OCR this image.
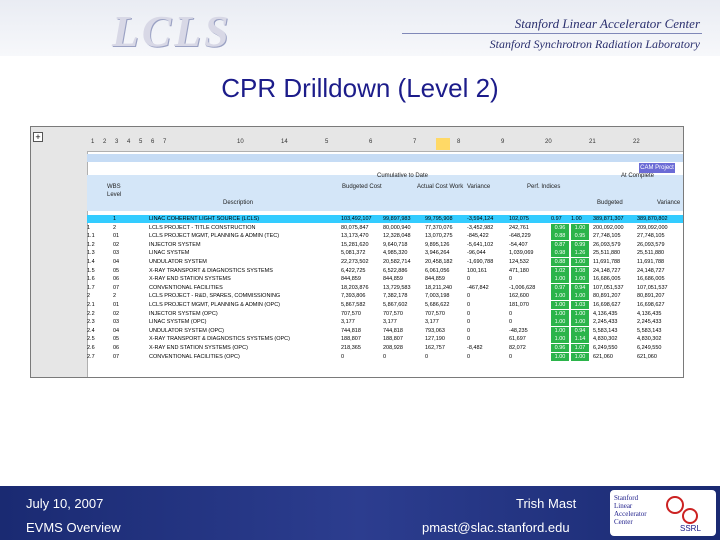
LCLS	Stanford Linear Accelerator Center
Stanford Synchrotron Radiation Laboratory
CPR Drilldown (Level 2)
+	1 2 3 4 5 6 7	10	14	5	6	7	8	9	20	21	22
WBS
Level
Description
Budgeted Cost
Cumulative to Date
Actual Cost Work Variance	Perf. Indices
At Complete
Budgeted	Variance
CAM Project
1	LINAC COHERENT LIGHT SOURCE (LCLS)	103,492,107	99,897,983	99,795,908	-3,594,124	102,075	0.97	1.00	389,871,307	389,870,802
1	2	LCLS PROJECT - TITLE CONSTRUCTION	80,075,847	80,000,940	77,370,076	-3,452,982	242,761	0.96	1.00	200,092,000	209,092,000
1.1	01	LCLS PROJECT MGMT, PLANNING & ADMIN (TEC)	13,173,470	12,328,048	13,070,275	-845,422	-648,229	0.88	0.95	27,748,105	27,748,105
1.2	02	INJECTOR SYSTEM	15,281,620	9,640,718	9,895,126	-5,641,102	-54,407	0.87	0.99	26,093,579	26,093,579
1.3	03	LINAC SYSTEM	5,081,372	4,985,320	3,946,264	-96,044	1,039,069	0.98	1.26	25,511,880	25,511,880
1.4	04	UNDULATOR SYSTEM	22,273,502	20,582,714	20,458,182	-1,690,788	124,532	0.88	1.00	11,691,788	11,691,788
1.5	05	X-RAY TRANSPORT & DIAGNOSTICS SYSTEMS	6,422,725	6,522,886	6,061,056	100,161	471,180	1.02	1.08	24,148,727	24,148,727
1.6	06	X-RAY END STATION SYSTEMS	844,859	844,859	844,859	0	0	1.00	1.00	16,686,005	16,686,005
1.7	07	CONVENTIONAL FACILITIES	18,203,876	13,729,583	18,211,240	-467,842	-1,006,628	0.97	0.94	107,051,537	107,051,537
2	2	LCLS PROJECT - R&D, SPARES, COMMISSIONING	7,393,806	7,382,178	7,003,198	0	162,600	1.00	1.00	80,891,207	80,891,207
2.1	01	LCLS PROJECT MGMT, PLANNING & ADMIN (OPC)	5,867,582	5,867,602	5,686,622	0	181,070	1.00	1.03	16,698,627	16,698,627
2.2	02	INJECTOR SYSTEM (OPC)	707,570	707,570	707,570	0	0	1.00	1.00	4,136,435	4,136,435
2.3	03	LINAC SYSTEM (OPC)	3,177	3,177	3,177	0	0	1.00	1.00	2,245,433	2,245,433
2.4	04	UNDULATOR SYSTEM (OPC)	744,818	744,818	793,063	0	-48,235	1.00	0.94	5,583,143	5,583,143
2.5	05	X-RAY TRANSPORT & DIAGNOSTICS SYSTEMS (OPC)	188,807	188,807	127,190	0	61,697	1.00	1.14	4,830,302	4,830,302
2.6	06	X-RAY END STATION SYSTEMS (OPC)	218,365	208,928	162,757	-8,482	82,072	0.96	1.07	6,249,550	6,249,550
2.7	07	CONVENTIONAL FACILITIES (OPC)	0	0	0	0	0	1.00	1.00	621,060	621,060
July 10, 2007
EVMS Overview
Trish Mast
pmast@slac.stanford.edu
Stanford
Linear
Accelerator
Center
SSRL
